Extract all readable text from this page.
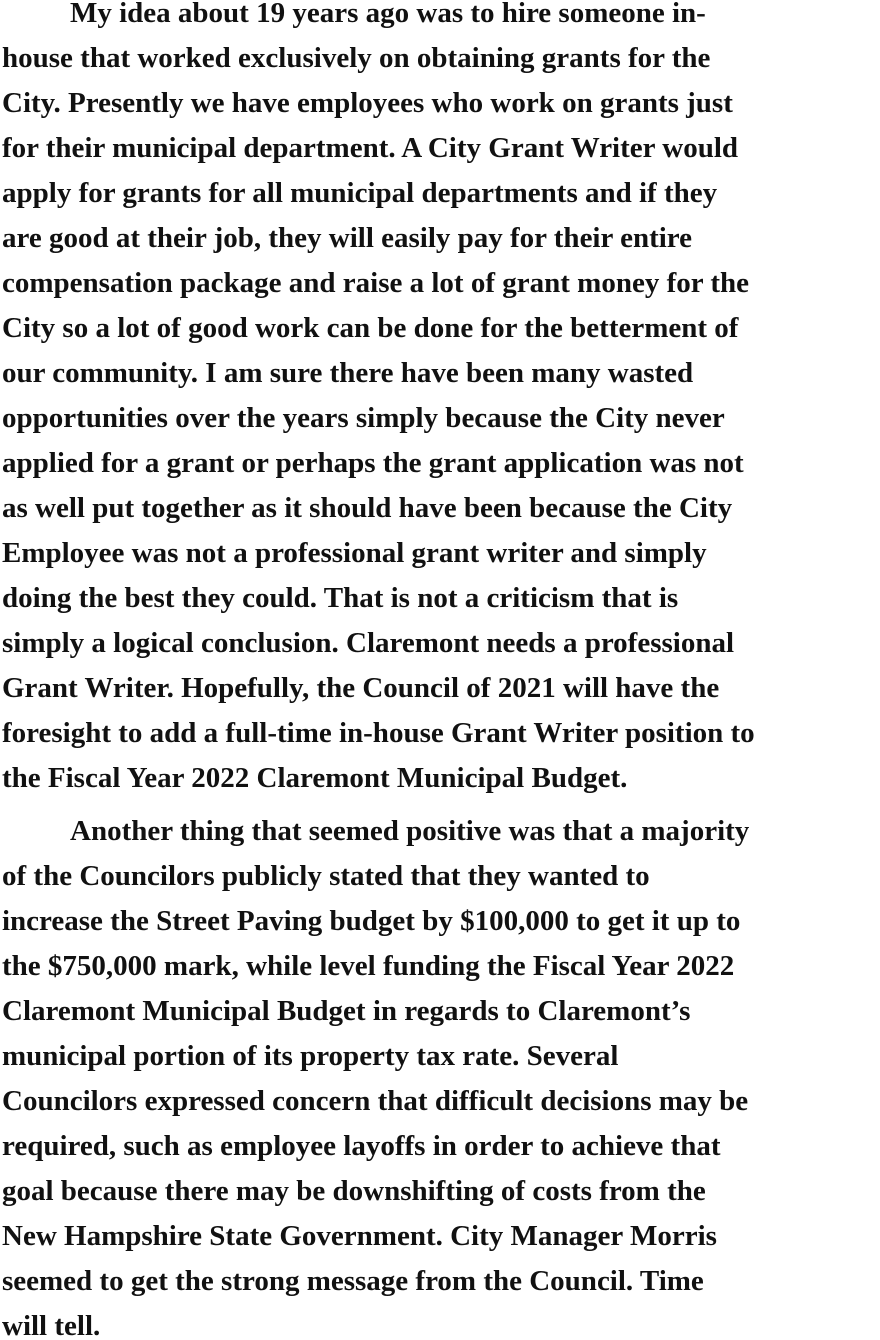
My idea about 19 years ago was to hire someone in-
house that worked exclusively on obtaining grants for the
City. Presently we have employees who work on grants just
for their municipal department. A City Grant Writer would
apply for grants for all municipal departments and if they
are good at their job, they will easily pay for their entire
compensation package and raise a lot of grant money for the
City so a lot of good work can be done for the betterment of
our community. I am sure there have been many wasted
opportunities over the years simply because the City never
applied for a grant or perhaps the grant application was not
as well put together as it should have been because the City
Employee was not a professional grant writer and simply
doing the best they could. That is not a criticism that is
simply a logical conclusion. Claremont needs a professional
Grant Writer. Hopefully, the Council of 2021 will have the
foresight to add a full-time in-house Grant Writer position to
the Fiscal Year 2022 Claremont Municipal Budget.
Another thing that seemed positive was that a majority
of the Councilors publicly stated that they wanted to
increase the Street Paving budget by $100,000 to get it up to
the $750,000 mark, while level funding the Fiscal Year 2022
Claremont Municipal Budget in regards to Claremont’s
municipal portion of its property tax rate. Several
Councilors expressed concern that difficult decisions may be
required, such as employee layoffs in order to achieve that
goal because there may be downshifting of costs from the
New Hampshire State Government. City Manager Morris
seemed to get the strong message from the Council. Time
will tell.
